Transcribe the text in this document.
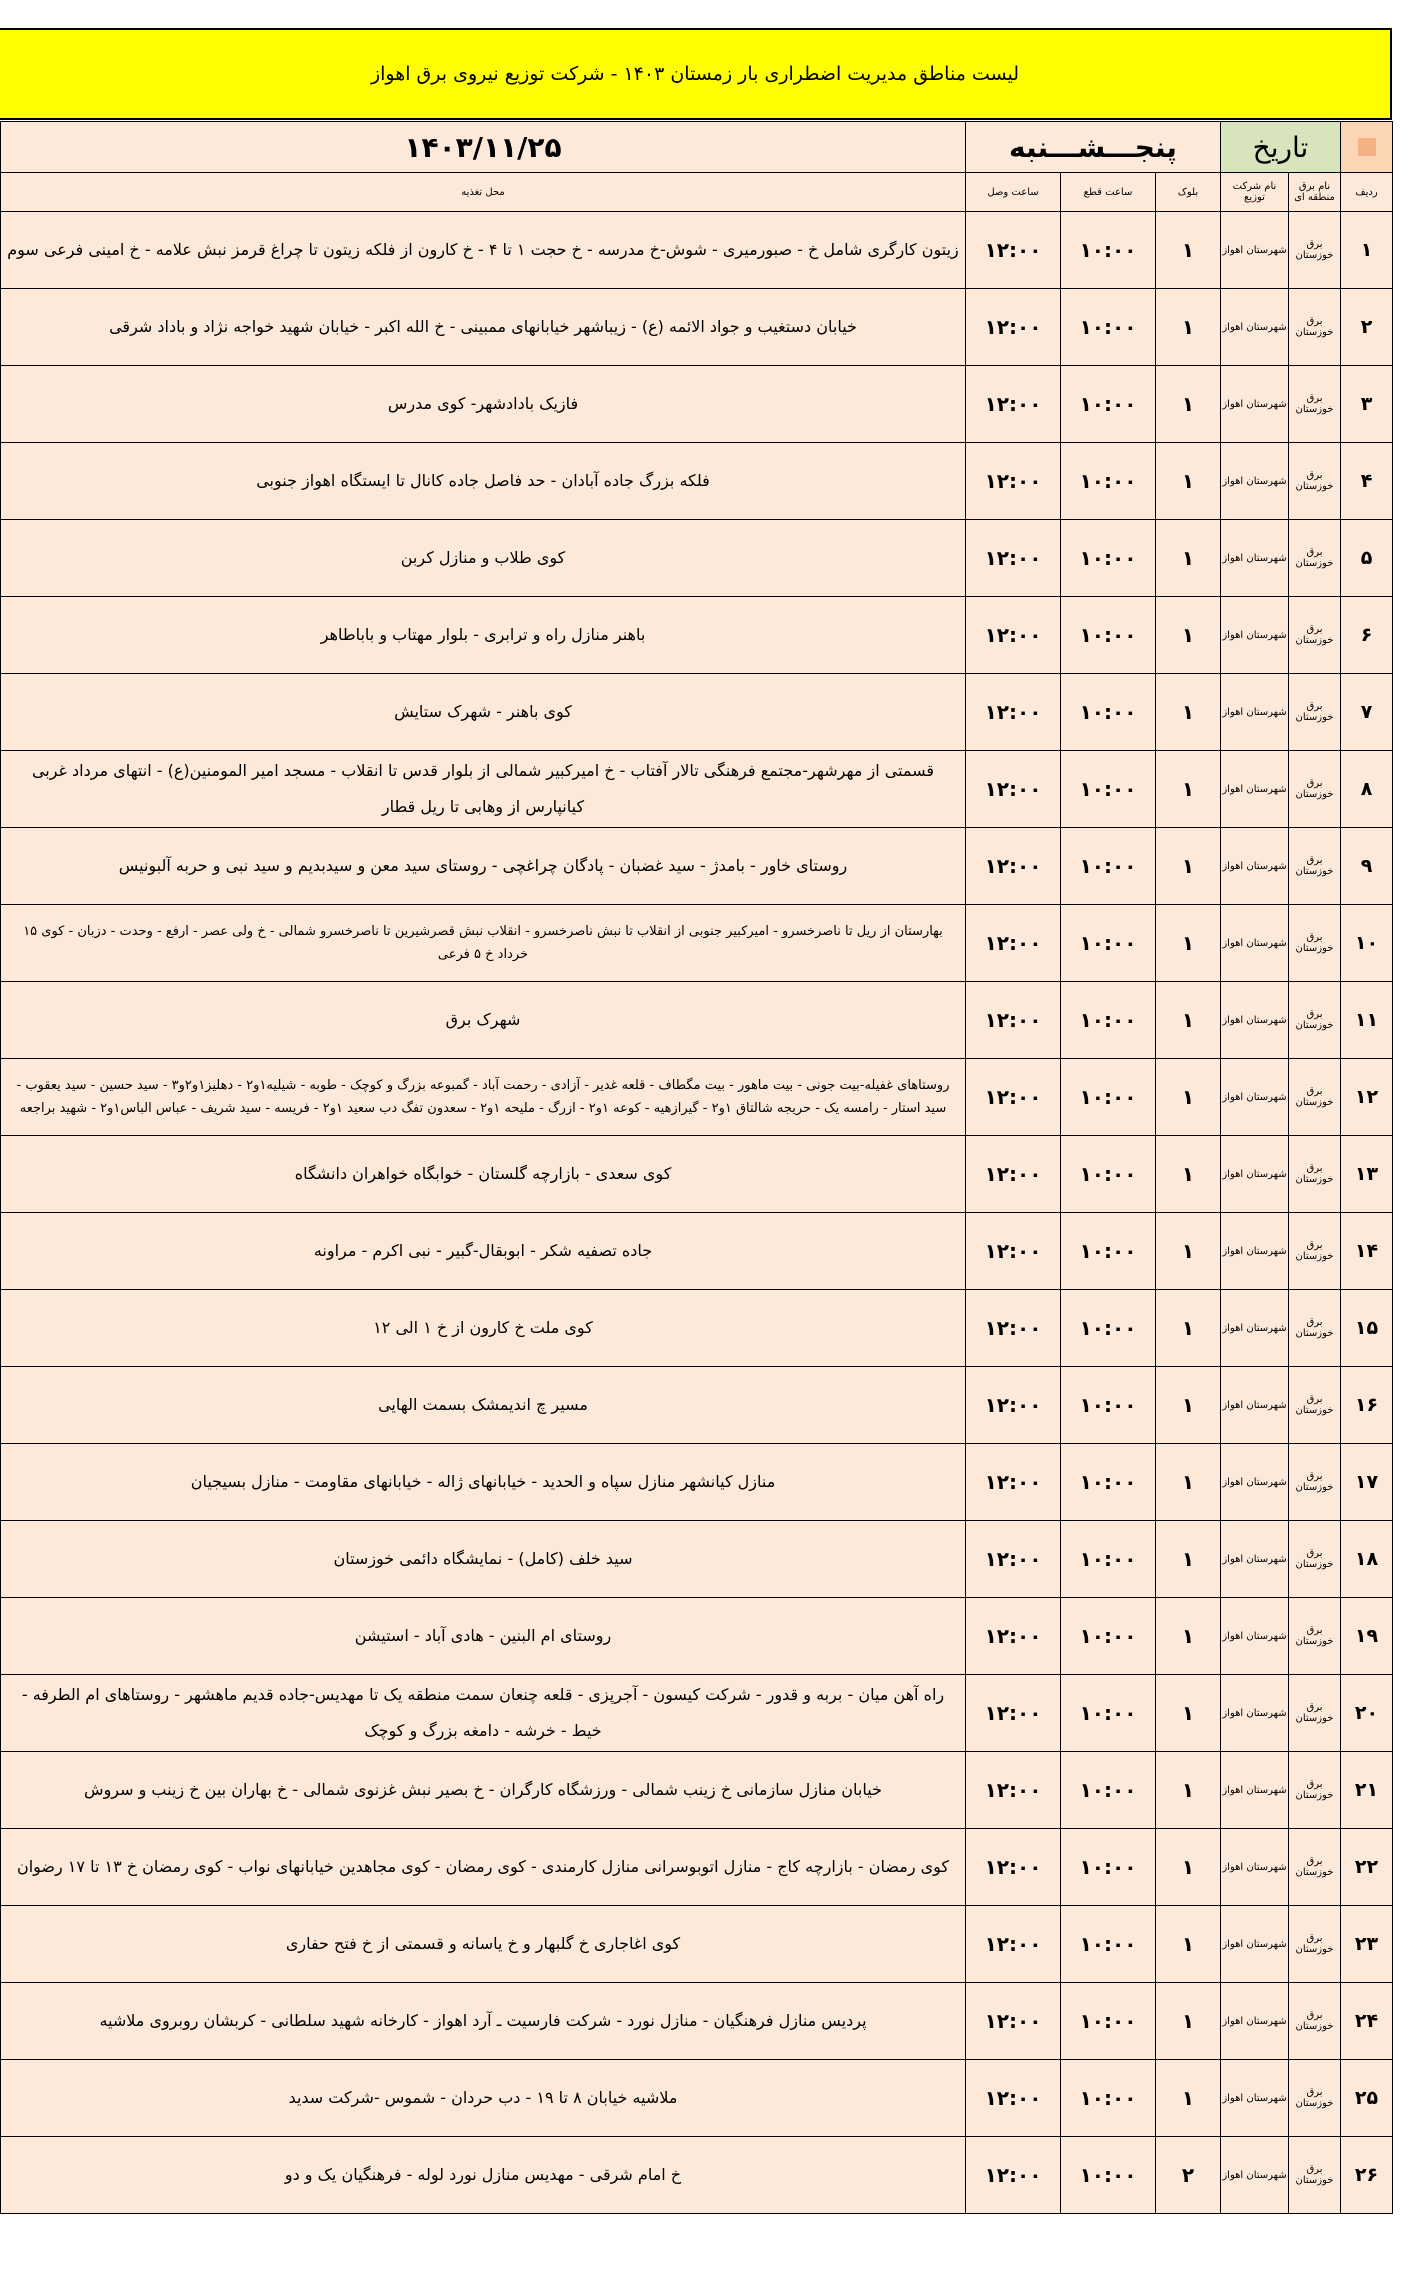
لیست مناطق مدیریت اضطراری بار زمستان ۱۴۰۳ - شرکت توزیع نیروی برق اهواز
	تاریخ		پنجـــشـــنبه			۱۴۰۳/۱۱/۲۵
ردیف	نام برق منطقه ای	نام شرکت توزیع	بلوک	ساعت قطع	ساعت وصل	محل تغذیه
۱	برق خوزستان	شهرستان اهواز	۱	۱۰:۰۰	۱۲:۰۰	زیتون کارگری شامل خ - صبورمیری - شوش-خ مدرسه - خ حجت ۱ تا ۴ - خ کارون از فلکه زیتون تا چراغ قرمز نبش علامه - خ امینی فرعی سوم
۲	برق خوزستان	شهرستان اهواز	۱	۱۰:۰۰	۱۲:۰۰	خیابان دستغیب و جواد الائمه (ع) - زیباشهر خیابانهای ممبینی - خ الله اکبر - خیابان شهید خواجه نژاد و باداد شرقی
۳	برق خوزستان	شهرستان اهواز	۱	۱۰:۰۰	۱۲:۰۰	فازیک بادادشهر- کوی مدرس
۴	برق خوزستان	شهرستان اهواز	۱	۱۰:۰۰	۱۲:۰۰	فلکه بزرگ جاده آبادان - حد فاصل جاده کانال تا ایستگاه اهواز جنوبی
۵	برق خوزستان	شهرستان اهواز	۱	۱۰:۰۰	۱۲:۰۰	کوی طلاب و منازل کربن
۶	برق خوزستان	شهرستان اهواز	۱	۱۰:۰۰	۱۲:۰۰	باهنر منازل راه و ترابری - بلوار مهتاب و باباطاهر
۷	برق خوزستان	شهرستان اهواز	۱	۱۰:۰۰	۱۲:۰۰	کوی باهنر - شهرک ستایش
۸	برق خوزستان	شهرستان اهواز	۱	۱۰:۰۰	۱۲:۰۰	قسمتی از مهرشهر-مجتمع فرهنگی تالار آفتاب - خ امیرکبیر شمالی از بلوار قدس تا انقلاب - مسجد امیر المومنین(ع) - انتهای مرداد غربی کیانپارس از وهابی تا ریل قطار
۹	برق خوزستان	شهرستان اهواز	۱	۱۰:۰۰	۱۲:۰۰	روستای خاور - بامدژ - سید غضبان - پادگان چراغچی - روستای سید معن و سیدبدیم و سید نبی و حربه آلبونیس
۱۰	برق خوزستان	شهرستان اهواز	۱	۱۰:۰۰	۱۲:۰۰	بهارستان از ریل تا ناصرخسرو - امیرکبیر جنوبی از انقلاب تا نبش ناصرخسرو - انقلاب نبش قصرشیرین تا ناصرخسرو شمالی - خ ولی عصر - ارفع - وحدت - دزبان - کوی ۱۵ خرداد خ ۵ فرعی
۱۱	برق خوزستان	شهرستان اهواز	۱	۱۰:۰۰	۱۲:۰۰	شهرک برق
۱۲	برق خوزستان	شهرستان اهواز	۱	۱۰:۰۰	۱۲:۰۰	روستاهای غفیله-بیت جونی - بیت ماهور - بیت مگطاف - قلعه غدیر - آزادی - رحمت آباد - گمبوعه بزرگ و کوچک - طوبه - شیلیه۱و۲ - دهلیز۱و۲و۳ - سید حسین - سید یعقوب - سید استار - رامسه یک - حریجه شالتاق ۱و۲ - گیرازهیه - کوعه ۱و۲ - ازرگ - ملیحه ۱و۲ - سعدون تفگ دب سعید ۱و۲ - فریسه - سید شریف - عباس الباس۱و۲ - شهید براجعه
۱۳	برق خوزستان	شهرستان اهواز	۱	۱۰:۰۰	۱۲:۰۰	کوی سعدی - بازارچه گلستان - خوابگاه خواهران دانشگاه
۱۴	برق خوزستان	شهرستان اهواز	۱	۱۰:۰۰	۱۲:۰۰	جاده تصفیه شکر - ابوبقال-گبیر - نبی اکرم - مراونه
۱۵	برق خوزستان	شهرستان اهواز	۱	۱۰:۰۰	۱۲:۰۰	کوی ملت خ کارون از خ ۱ الی ۱۲
۱۶	برق خوزستان	شهرستان اهواز	۱	۱۰:۰۰	۱۲:۰۰	مسیر چ اندیمشک بسمت الهایی
۱۷	برق خوزستان	شهرستان اهواز	۱	۱۰:۰۰	۱۲:۰۰	منازل کیانشهر منازل سپاه و الحدید - خیابانهای ژاله - خیابانهای مقاومت - منازل بسیجیان
۱۸	برق خوزستان	شهرستان اهواز	۱	۱۰:۰۰	۱۲:۰۰	سید خلف (کامل) - نمایشگاه دائمی خوزستان
۱۹	برق خوزستان	شهرستان اهواز	۱	۱۰:۰۰	۱۲:۰۰	روستای ام البنین - هادی آباد - استیشن
۲۰	برق خوزستان	شهرستان اهواز	۱	۱۰:۰۰	۱۲:۰۰	راه آهن میان - بربه و قدور - شرکت کیسون - آجرپزی - قلعه چنعان سمت منطقه یک تا مهدیس-جاده قدیم ماهشهر - روستاهای ام الطرفه - خیط - خرشه - دامغه بزرگ و کوچک
۲۱	برق خوزستان	شهرستان اهواز	۱	۱۰:۰۰	۱۲:۰۰	خیابان منازل سازمانی خ زینب شمالی - ورزشگاه کارگران - خ بصیر نبش غزنوی شمالی - خ بهاران بین خ زینب و سروش
۲۲	برق خوزستان	شهرستان اهواز	۱	۱۰:۰۰	۱۲:۰۰	کوی رمضان - بازارچه کاج - منازل اتوبوسرانی منازل کارمندی - کوی رمضان - کوی مجاهدین خیابانهای نواب - کوی رمضان خ ۱۳ تا ۱۷ رضوان
۲۳	برق خوزستان	شهرستان اهواز	۱	۱۰:۰۰	۱۲:۰۰	کوی اغاجاری خ گلبهار و خ یاسانه و قسمتی از خ فتح حفاری
۲۴	برق خوزستان	شهرستان اهواز	۱	۱۰:۰۰	۱۲:۰۰	پردیس منازل فرهنگیان - منازل نورد - شرکت فارسیت ـ آرد اهواز - کارخانه شهید سلطانی - کربشان روبروی ملاشیه
۲۵	برق خوزستان	شهرستان اهواز	۱	۱۰:۰۰	۱۲:۰۰	ملاشیه خیابان ۸ تا ۱۹ - دب حردان - شموس -شرکت سدید
۲۶	برق خوزستان	شهرستان اهواز	۲	۱۰:۰۰	۱۲:۰۰	خ امام شرقی - مهدیس منازل نورد لوله - فرهنگیان یک و دو
